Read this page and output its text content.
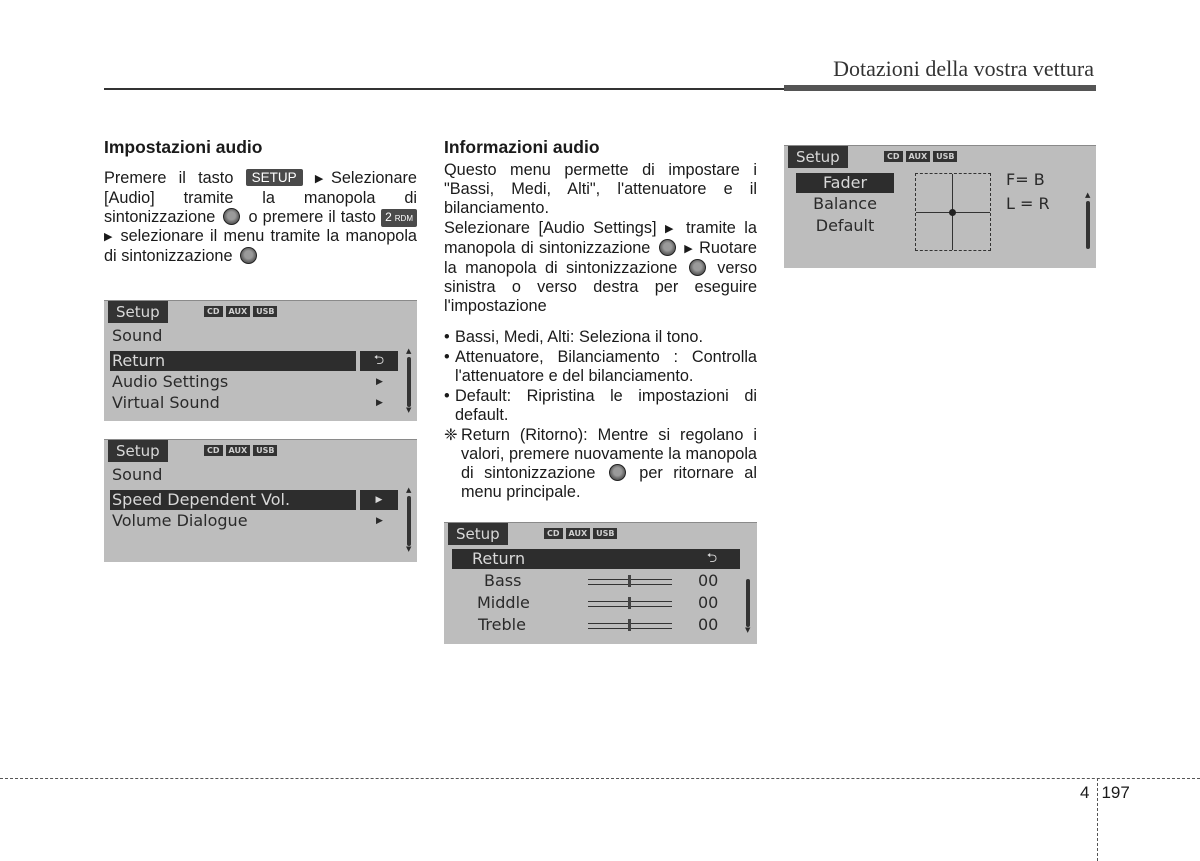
Dotazioni della vostra vettura
Impostazioni audio

Premere il tasto SETUP ▶Selezionare [Audio] tramite la manopola di sintonizzazione o premere il tasto 2 RDM ▶ selezionare il menu tramite la manopola di sintonizzazione

Setup	CD	AUX	USB
Sound
Return	⮌
Audio Settings	▶
Virtual Sound	▶
▲
▼
Setup	CD	AUX	USB
Sound
Speed Dependent Vol.	▶
Volume Dialogue	▶
▲
▼
Informazioni audio

Questo menu permette di impostare i "Bassi, Medi, Alti", l'attenuatore e il bilanciamento.

Selezionare [Audio Settings] ▶ tramite la manopola di sintonizzazione	▶ Ruotare la manopola di sintonizzazione verso sinistra o verso destra per eseguire l'impostazione

• Bassi, Medi, Alti: Seleziona il tono.
• Attenuatore, Bilanciamento : Controlla l'attenuatore e del bilanciamento.
• Default: Ripristina le impostazioni di default.
❈ Return (Ritorno): Mentre si regolano i valori, premere nuovamente la manopola di sintonizzazione	per ritornare al menu principale.
Setup	CD	AUX	USB
Return	⮌
Bass	00
Middle	00
Treble	00	▼
Setup	CD	AUX	USB
Fader
Balance
Default
F= B
L = R	▲
4 197
